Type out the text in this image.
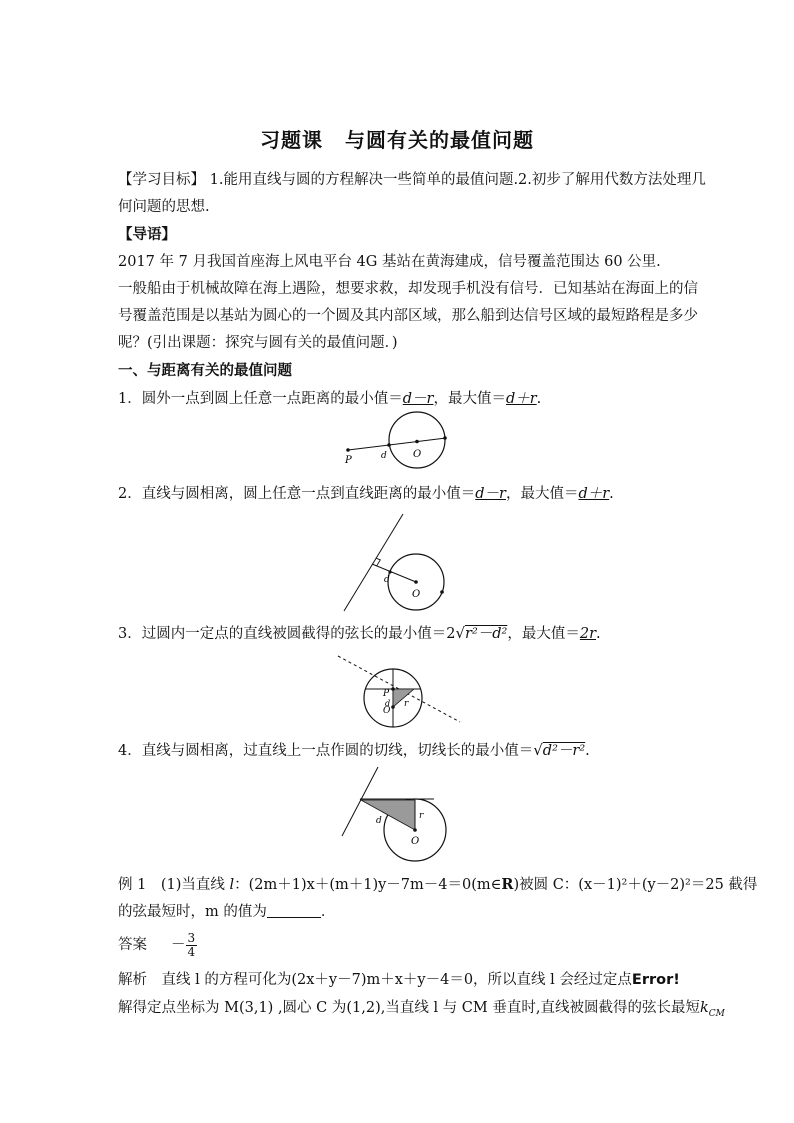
习题课 与圆有关的最值问题
【学习目标】 1.能用直线与圆的方程解决一些简单的最值问题.2.初步了解用代数方法处理几
何问题的思想.
【导语】
2017 年 7 月我国首座海上风电平台 4G 基站在黄海建成，信号覆盖范围达 60 公里.
一般船由于机械故障在海上遇险，想要求救，却发现手机没有信号．已知基站在海面上的信
号覆盖范围是以基站为圆心的一个圆及其内部区域，那么船到达信号区域的最短路程是多少
呢？(引出课题：探究与圆有关的最值问题．)
一、与距离有关的最值问题
1．圆外一点到圆上任意一点距离的最小值＝d－r，最大值＝d＋r.
P	d	O
2．直线与圆相离，圆上任意一点到直线距离的最小值＝d－r，最大值＝d＋r.
d
O
3．过圆内一定点的直线被圆截得的弦长的最小值＝2√r²－d²，最大值＝2r.
P
d r
O
4．直线与圆相离，过直线上一点作圆的切线，切线长的最小值＝√d²－r².
d	r
O
例 1　(1)当直线 l：(2m＋1)x＋(m＋1)y－7m－4＝0(m∈R)被圆 C：(x－1)²＋(y－2)²＝25 截得
的弦最短时，m 的值为	．
答案 － $\frac{3}{4}$
解析　直线 l 的方程可化为(2x＋y－7)m＋x＋y－4＝0，所以直线 l 会经过定点Error!
解得定点坐标为 M(3,1) ,圆心 C 为(1,2),当直线 l 与 CM 垂直时,直线被圆截得的弦长最短$k_{CM}$
